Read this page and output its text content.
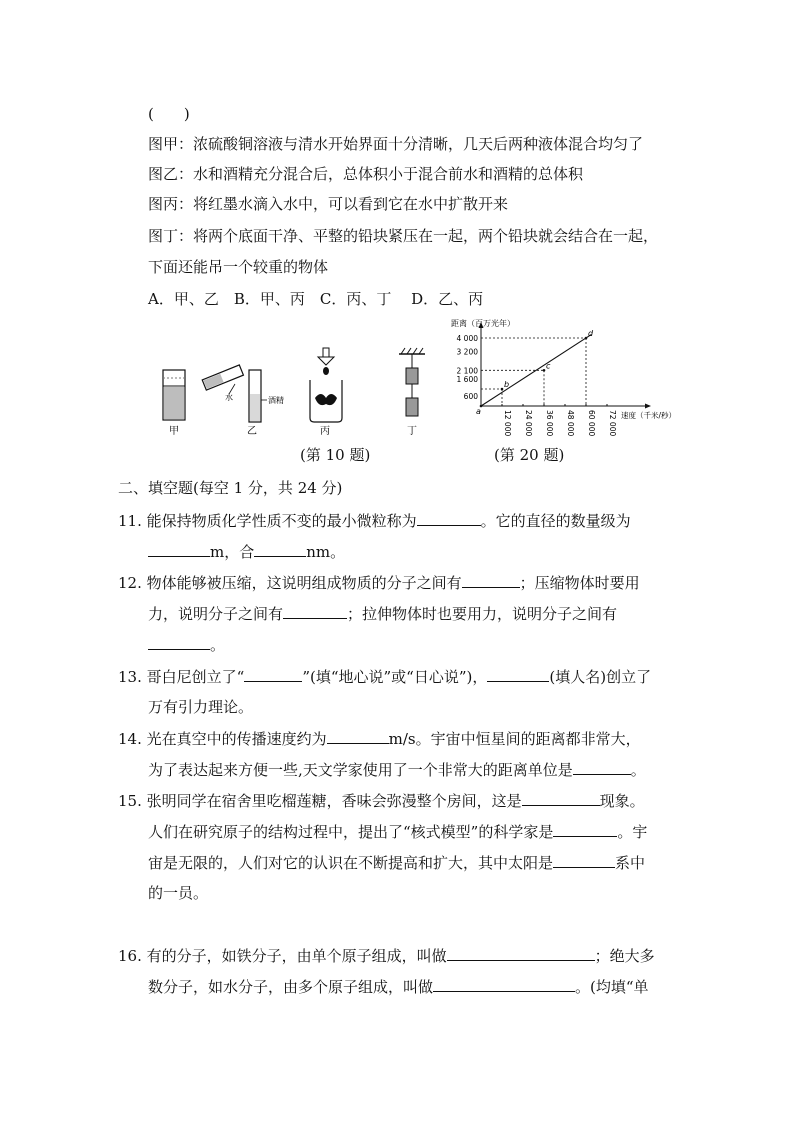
(　　)
图甲：浓硫酸铜溶液与清水开始界面十分清晰，几天后两种液体混合均匀了
图乙：水和酒精充分混合后，总体积小于混合前水和酒精的总体积
图丙：将红墨水滴入水中，可以看到它在水中扩散开来
图丁：将两个底面干净、平整的铅块紧压在一起，两个铅块就会结合在一起，
下面还能吊一个较重的物体
A．甲、乙　B．甲、丙　C．丙、丁　 D．乙、丙
甲
水	酒精
乙	丙	丁
(第 10 题)
距离（百万光年）
速度（千米/秒）
600
1 600
2 100
3 200
4 000
12 000 24 000 36 000 48 000 60 000 72 000
a
b
c
d
(第 20 题)
二、填空题(每空 1 分，共 24 分)
11. 能保持物质化学性质不变的最小微粒称为	。它的直径的数量级为
m，合	nm。
12. 物体能够被压缩，这说明组成物质的分子之间有	；压缩物体时要用
力，说明分子之间有	；拉伸物体时也要用力，说明分子之间有
。
13. 哥白尼创立了“	”(填“地心说”或“日心说”)，	(填人名)创立了
万有引力理论。
14. 光在真空中的传播速度约为	m/s。宇宙中恒星间的距离都非常大，
为了表达起来方便一些,天文学家使用了一个非常大的距离单位是	。
15. 张明同学在宿舍里吃榴莲糖，香味会弥漫整个房间，这是	现象。
人们在研究原子的结构过程中，提出了“核式模型”的科学家是	。宇
宙是无限的，人们对它的认识在不断提高和扩大，其中太阳是	系中
的一员。
16. 有的分子，如铁分子，由单个原子组成，叫做	；绝大多
数分子，如水分子，由多个原子组成，叫做	。(均填“单
